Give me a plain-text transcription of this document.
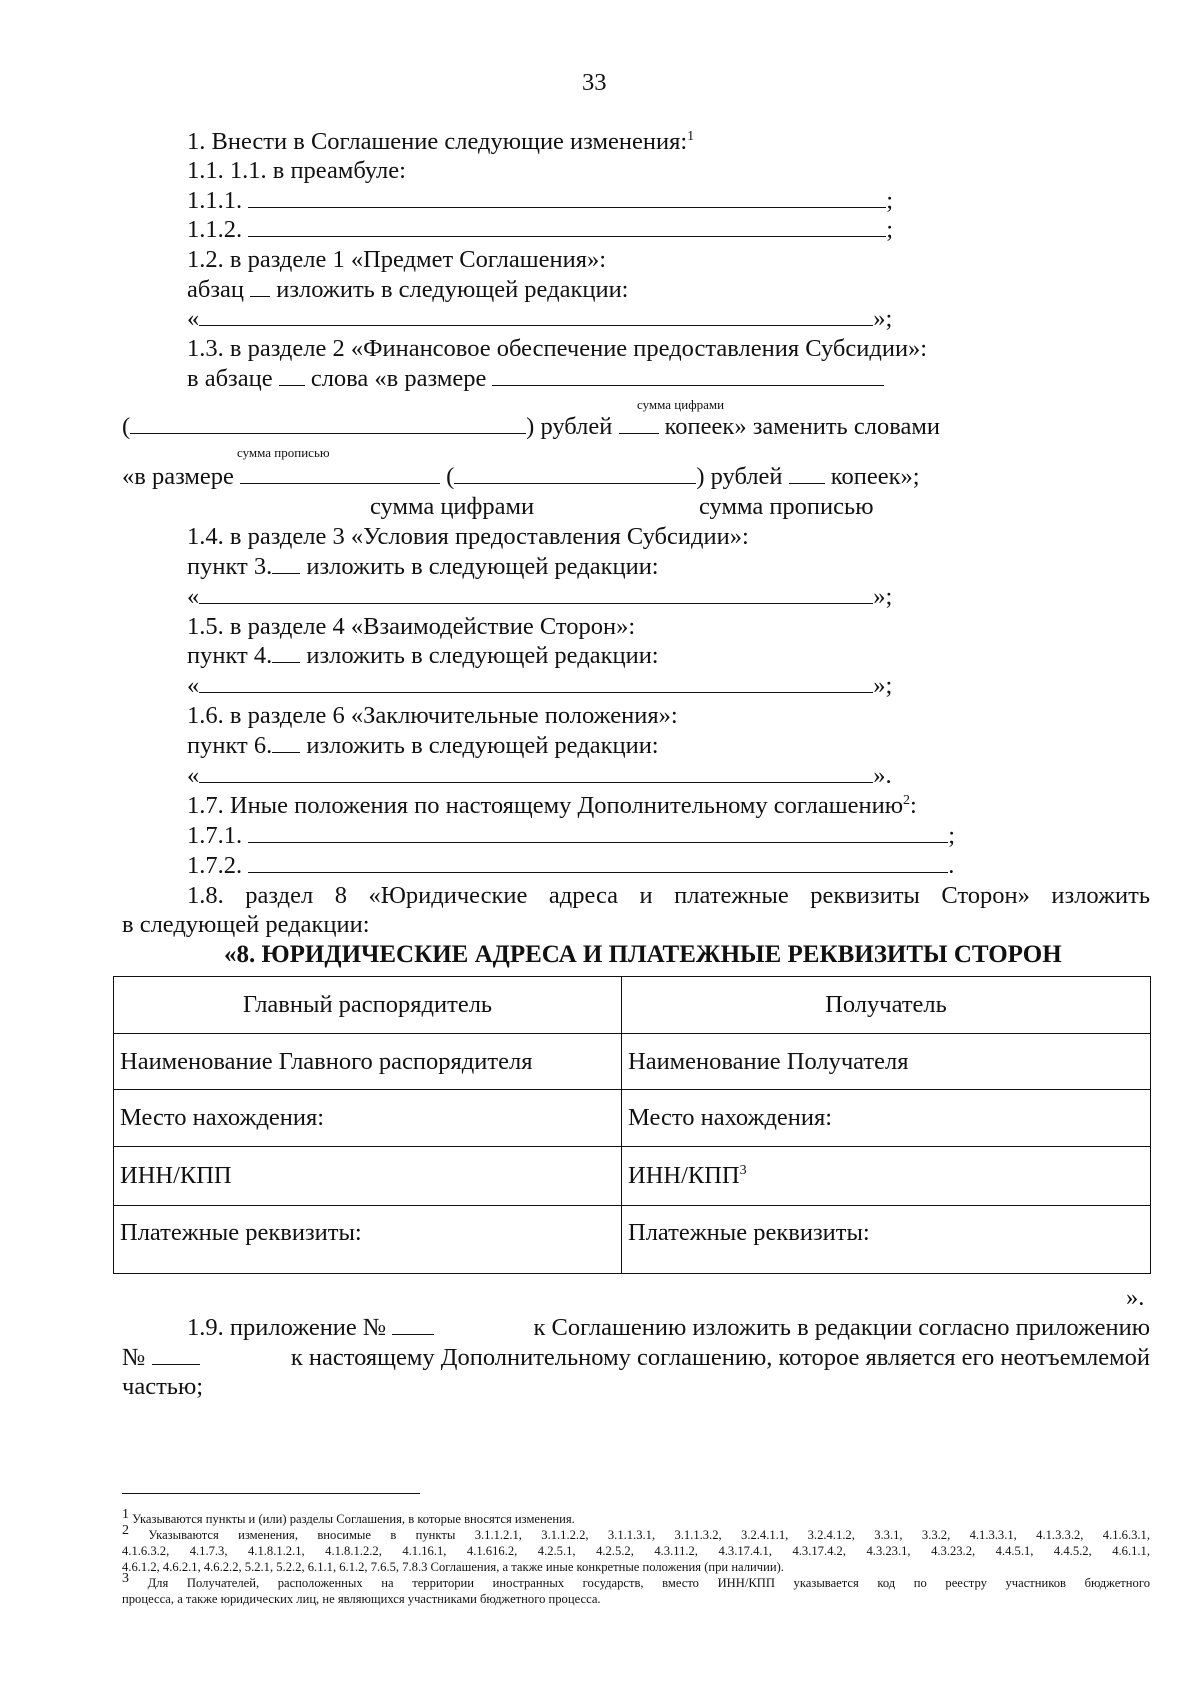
33
1. Внести в Соглашение следующие изменения:$^1$
1.1. 1.1. в преамбуле:
1.1.1.	;
1.1.2.	;
1.2. в разделе 1 «Предмет Соглашения»:
абзац изложить в следующей редакции:
«	»;
1.3. в разделе 2 «Финансовое обеспечение предоставления Субсидии»:
в абзаце слова «в размере
сумма цифрами
(	) рублей копеек» заменить словами
сумма прописью
«в размере	(	) рублей копеек»;
сумма цифрами	сумма прописью
1.4. в разделе 3 «Условия предоставления Субсидии»:
пункт 3. изложить в следующей редакции:
«	»;
1.5. в разделе 4 «Взаимодействие Сторон»:
пункт 4. изложить в следующей редакции:
«	»;
1.6. в разделе 6 «Заключительные положения»:
пункт 6. изложить в следующей редакции:
«	».
1.7. Иные положения по настоящему Дополнительному соглашению$^2$:
1.7.1.	;
1.7.2.	.
1.8. раздел 8 «Юридические адреса и платежные реквизиты Сторон» изложить
в следующей редакции:
«8. ЮРИДИЧЕСКИЕ АДРЕСА И ПЛАТЕЖНЫЕ РЕКВИЗИТЫ СТОРОН
Главный распорядитель	Получатель
Наименование Главного распорядителя	Наименование Получателя
Место нахождения:	Место нахождения:
ИНН/КПП	ИНН/КПП$^3$
Платежные реквизиты:	Платежные реквизиты:
».
1.9. приложение №	к Соглашению изложить в редакции согласно приложению
№	к настоящему Дополнительному соглашению, которое является его неотъемлемой
частью;
$^1$ Указываются пункты и (или) разделы Соглашения, в которые вносятся изменения.
$^2$ Указываются изменения, вносимые в пункты 3.1.1.2.1, 3.1.1.2.2, 3.1.1.3.1, 3.1.1.3.2, 3.2.4.1.1, 3.2.4.1.2, 3.3.1, 3.3.2, 4.1.3.3.1, 4.1.3.3.2, 4.1.6.3.1,
4.1.6.3.2, 4.1.7.3, 4.1.8.1.2.1, 4.1.8.1.2.2, 4.1.16.1, 4.1.616.2, 4.2.5.1, 4.2.5.2, 4.3.11.2, 4.3.17.4.1, 4.3.17.4.2, 4.3.23.1, 4.3.23.2, 4.4.5.1, 4.4.5.2, 4.6.1.1,
4.6.1.2, 4.6.2.1, 4.6.2.2, 5.2.1, 5.2.2, 6.1.1, 6.1.2, 7.6.5, 7.8.3 Соглашения, а также иные конкретные положения (при наличии).
$^3$ Для Получателей, расположенных на территории иностранных государств, вместо ИНН/КПП указывается код по реестру участников бюджетного
процесса, а также юридических лиц, не являющихся участниками бюджетного процесса.
